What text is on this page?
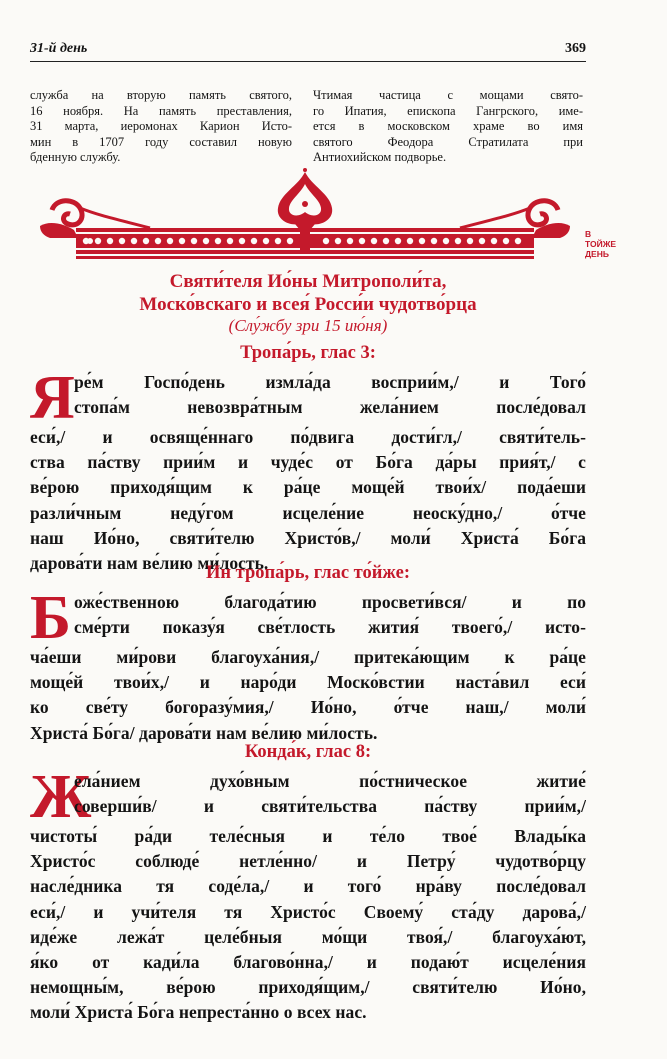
31-й день	369

служба на вторую память святого,

16 ноября. На память преставления,

31 марта, иеромонах Карион Исто-

мин в 1707 году составил новую

бденную службу.

Чтимая частица с мощами свято-

го Ипатия, епископа Гангрского, име-

ется в московском храме во имя

святого Феодора Стратилата при

Антиохийском подворье.

В
ТОЙЖЕ
ДЕНЬ
Святи́теля Ио́ны Митрополи́та,
Моско́вскаго и всея́ Росси́и чудотво́рца
(Слу́жбу зри 15 ию́ня)
Тропа́рь, глас 3:
Я ре́м Госпо́день измла́да восприи́м,/ и Того́
стопа́м невозвра́тным жела́нием после́довал
еси́,/ и освяще́ннаго по́двига дости́гл,/ святи́тель-
ства па́ству прии́м и чуде́с от Бо́га да́ры прия́т,/ с
ве́рою приходя́щим к ра́це моще́й твои́х/ пода́еши
разли́чным неду́гом исцеле́ние неоску́дно,/ о́тче
наш Ио́но, святи́телю Христо́в,/ моли́ Христа́ Бо́га
дарова́ти нам ве́лию ми́лость.
Ин тропа́рь, глас то́йже:
Б оже́ственною благода́тию просвети́вся/ и по
сме́рти показу́я све́тлость жития́ твоего́,/ исто-
ча́еши ми́рови благоуха́ния,/ притека́ющим к ра́це
моще́й твои́х,/ и наро́ди Моско́встии наста́вил еси́
ко све́ту богоразу́мия,/ Ио́но, о́тче наш,/ моли́
Христа́ Бо́га/ дарова́ти нам ве́лию ми́лость.
Конда́к, глас 8:
Ж
ела́нием духо́вным по́стническое житие́
соверши́в/ и святи́тельства па́ству прии́м,/
чистоты́ ра́ди теле́сныя и те́ло твое́ Влады́ка
Христо́с соблюде́ нетле́нно/ и Петру́ чудотво́рцу
насле́дника тя соде́ла,/ и того́ нра́ву после́довал
еси́,/ и учи́теля тя Христо́с Своему́ ста́ду дарова́,/
иде́же лежа́т целе́бныя мо́щи твоя́,/ благоуха́ют,
я́ко от кади́ла благово́нна,/ и подаю́т исцеле́ния
немощны́м, ве́рою приходя́щим,/ святи́телю Ио́но,
моли́ Христа́ Бо́га непреста́нно о всех нас.
